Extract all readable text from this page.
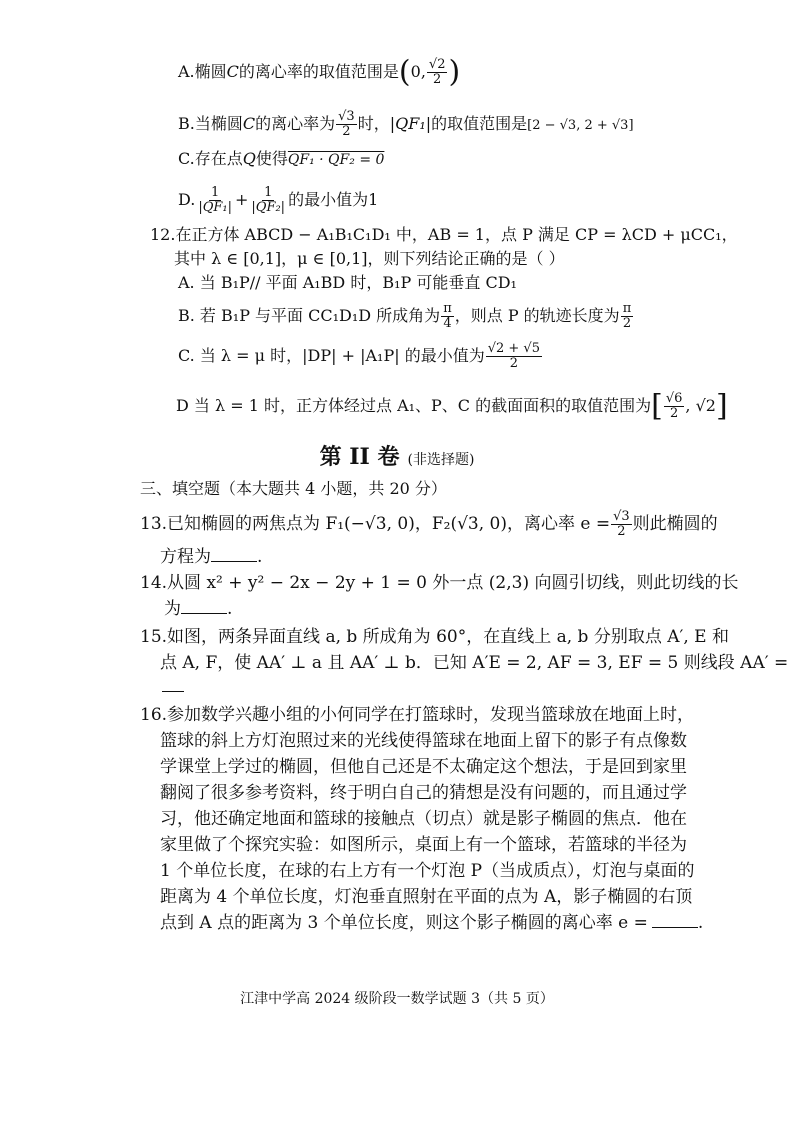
A.椭圆C的离心率的取值范围是(0, $\frac{√2}{2}$ )
B.当椭圆C的离心率为 $\frac{√3}{2}$ 时，|QF₁|的取值范围是[2 − √3, 2 + √3]
C.存在点Q使得QF₁ · QF₂ = 0
D. $\frac{1}{\text{|QF₁|}} + \frac{1}{\text{|QF₂|}}$ 的最小值为1
12.在正方体 ABCD − A₁B₁C₁D₁ 中，AB = 1，点 P 满足 CP = λCD + μCC₁，
其中 λ ∈ [0,1]，μ ∈ [0,1]，则下列结论正确的是（ ）
A. 当 B₁P// 平面 A₁BD 时，B₁P 可能垂直 CD₁
B. 若 B₁P 与平面 CC₁D₁D 所成角为 $\frac{\pi}{4}$ ，则点 P 的轨迹长度为 $\frac{\pi}{2}$
C. 当 λ = μ 时，|DP| + |A₁P| 的最小值为 $\frac{√2 + √5}{2}$
D 当 λ = 1 时，正方体经过点 A₁、P、C 的截面面积的取值范围为[ $\frac{√6}{2}$ , √2]
第 II 卷 (非选择题)
三、填空题（本大题共 4 小题，共 20 分）
13.已知椭圆的两焦点为 F₁(−√3, 0)，F₂(√3, 0)，离心率 $e = \frac{√3}{2}$ 则此椭圆的
方程为	.
14.从圆 x² + y² − 2x − 2y + 1 = 0 外一点 (2,3) 向圆引切线，则此切线的长
为	.
15.如图，两条异面直线 a, b 所成角为 60°，在直线上 a, b 分别取点 A′, E 和
点 A, F，使 AA′ ⊥ a 且 AA′ ⊥ b．已知 A′E = 2, AF = 3, EF = 5 则线段 AA′ =
16.参加数学兴趣小组的小何同学在打篮球时，发现当篮球放在地面上时，
篮球的斜上方灯泡照过来的光线使得篮球在地面上留下的影子有点像数
学课堂上学过的椭圆，但他自己还是不太确定这个想法，于是回到家里
翻阅了很多参考资料，终于明白自己的猜想是没有问题的，而且通过学
习，他还确定地面和篮球的接触点（切点）就是影子椭圆的焦点．他在
家里做了个探究实验：如图所示，桌面上有一个篮球，若篮球的半径为
1 个单位长度，在球的右上方有一个灯泡 P（当成质点），灯泡与桌面的
距离为 4 个单位长度，灯泡垂直照射在平面的点为 A，影子椭圆的右顶
点到 A 点的距离为 3 个单位长度，则这个影子椭圆的离心率 e =	.
江津中学高 2024 级阶段一数学试题 3（共 5 页）
